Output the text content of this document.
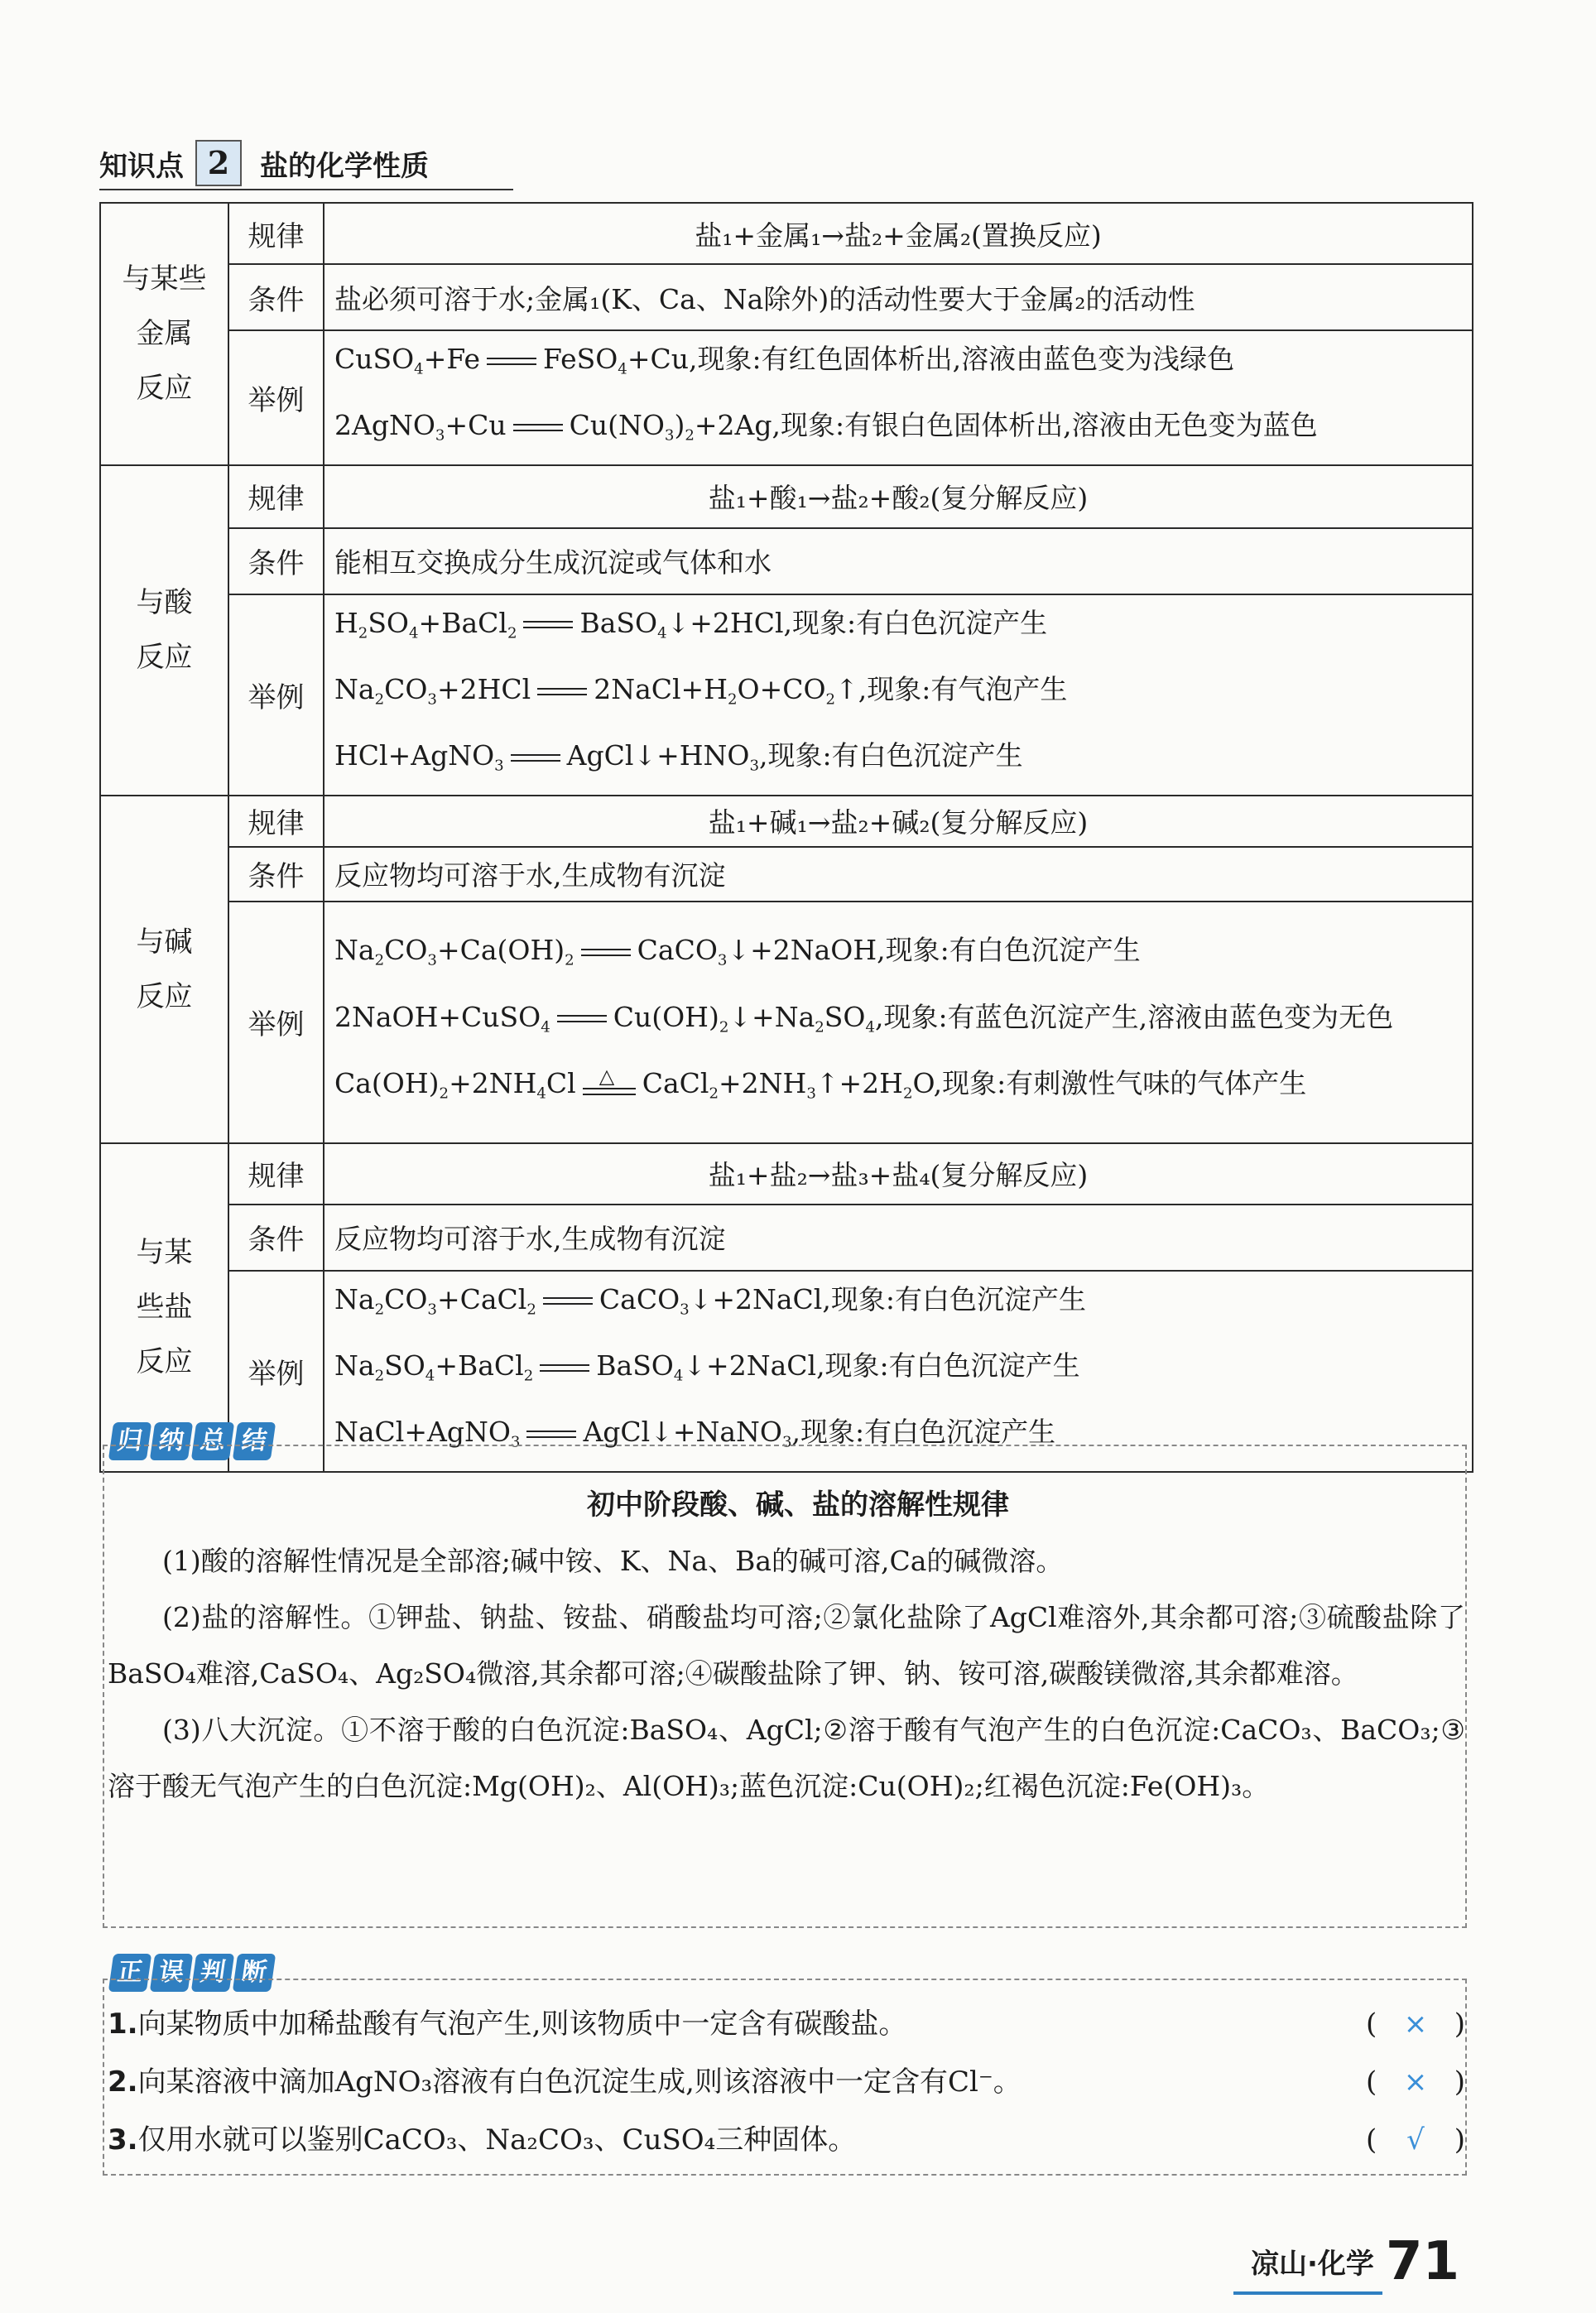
知识点 2	盐的化学性质
与某些
金属
反应	规律	盐₁+金属₁→盐₂+金属₂(置换反应)
	条件	盐必须可溶于水;金属₁(K、Ca、Na除外)的活动性要大于金属₂的活动性
	举例	CuSO$_4$+Fe FeSO$_4$+Cu,现象:有红色固体析出,溶液由蓝色变为浅绿色
2AgNO$_3$+Cu $Cu(NO_3)_2+2Ag$,现象:有银白色固体析出,溶液由无色变为蓝色

与酸
反应	规律	盐₁+酸₁→盐₂+酸₂(复分解反应)
	条件	能相互交换成分生成沉淀或气体和水
	举例	$H_2SO_4+BaCl_2$ BaSO$_4$↓+2HCl,现象:有白色沉淀产生
$Na_2CO_3+2HCl$ $2NaCl+H_2O+CO_2↑$,现象:有气泡产生
HCl+AgNO$_3$ $AgCl↓+HNO_3$,现象:有白色沉淀产生

与碱
反应	规律	盐₁+碱₁→盐₂+碱₂(复分解反应)
	条件	反应物均可溶于水,生成物有沉淀
	举例	$Na_2CO_3+Ca(OH)_2$ CaCO$_3$↓+2NaOH,现象:有白色沉淀产生
2NaOH+CuSO$_4$ $Cu(OH)_2↓+Na_2SO_4$,现象:有蓝色沉淀产生,溶液由蓝色变为无色
$Ca(OH)_2+2NH_4Cl$ △ $CaCl_2+2NH_3↑+2H_2O$,现象:有刺激性气味的气体产生

与某
些盐
反应	规律	盐₁+盐₂→盐₃+盐₄(复分解反应)
	条件	反应物均可溶于水,生成物有沉淀
	举例	$Na_2CO_3+CaCl_2$ CaCO$_3$↓+2NaCl,现象:有白色沉淀产生
$Na_2SO_4+BaCl_2$ BaSO$_4$↓+2NaCl,现象:有白色沉淀产生
NaCl+AgNO$_3$ AgCl↓+NaNO$_3$,现象:有白色沉淀产生
归 纳 总 结
初中阶段酸、碱、盐的溶解性规律

(1)酸的溶解性情况是全部溶;碱中铵、K、Na、Ba的碱可溶,Ca的碱微溶。

(2)盐的溶解性。①钾盐、钠盐、铵盐、硝酸盐均可溶;②氯化盐除了AgCl难溶外,其余都可溶;③硫酸盐除了BaSO₄难溶,CaSO₄、Ag₂SO₄微溶,其余都可溶;④碳酸盐除了钾、钠、铵可溶,碳酸镁微溶,其余都难溶。

(3)八大沉淀。①不溶于酸的白色沉淀:BaSO₄、AgCl;②溶于酸有气泡产生的白色沉淀:CaCO₃、BaCO₃;③溶于酸无气泡产生的白色沉淀:Mg(OH)₂、Al(OH)₃;蓝色沉淀:Cu(OH)₂;红褐色沉淀:Fe(OH)₃。

正 误 判 断
1.向某物质中加稀盐酸有气泡产生,则该物质中一定含有碳酸盐。	( × )
2.向某溶液中滴加AgNO₃溶液有白色沉淀生成,则该溶液中一定含有Cl⁻。	( × )
3.仅用水就可以鉴别CaCO₃、Na₂CO₃、CuSO₄三种固体。	( √ )
凉山·化学 71
